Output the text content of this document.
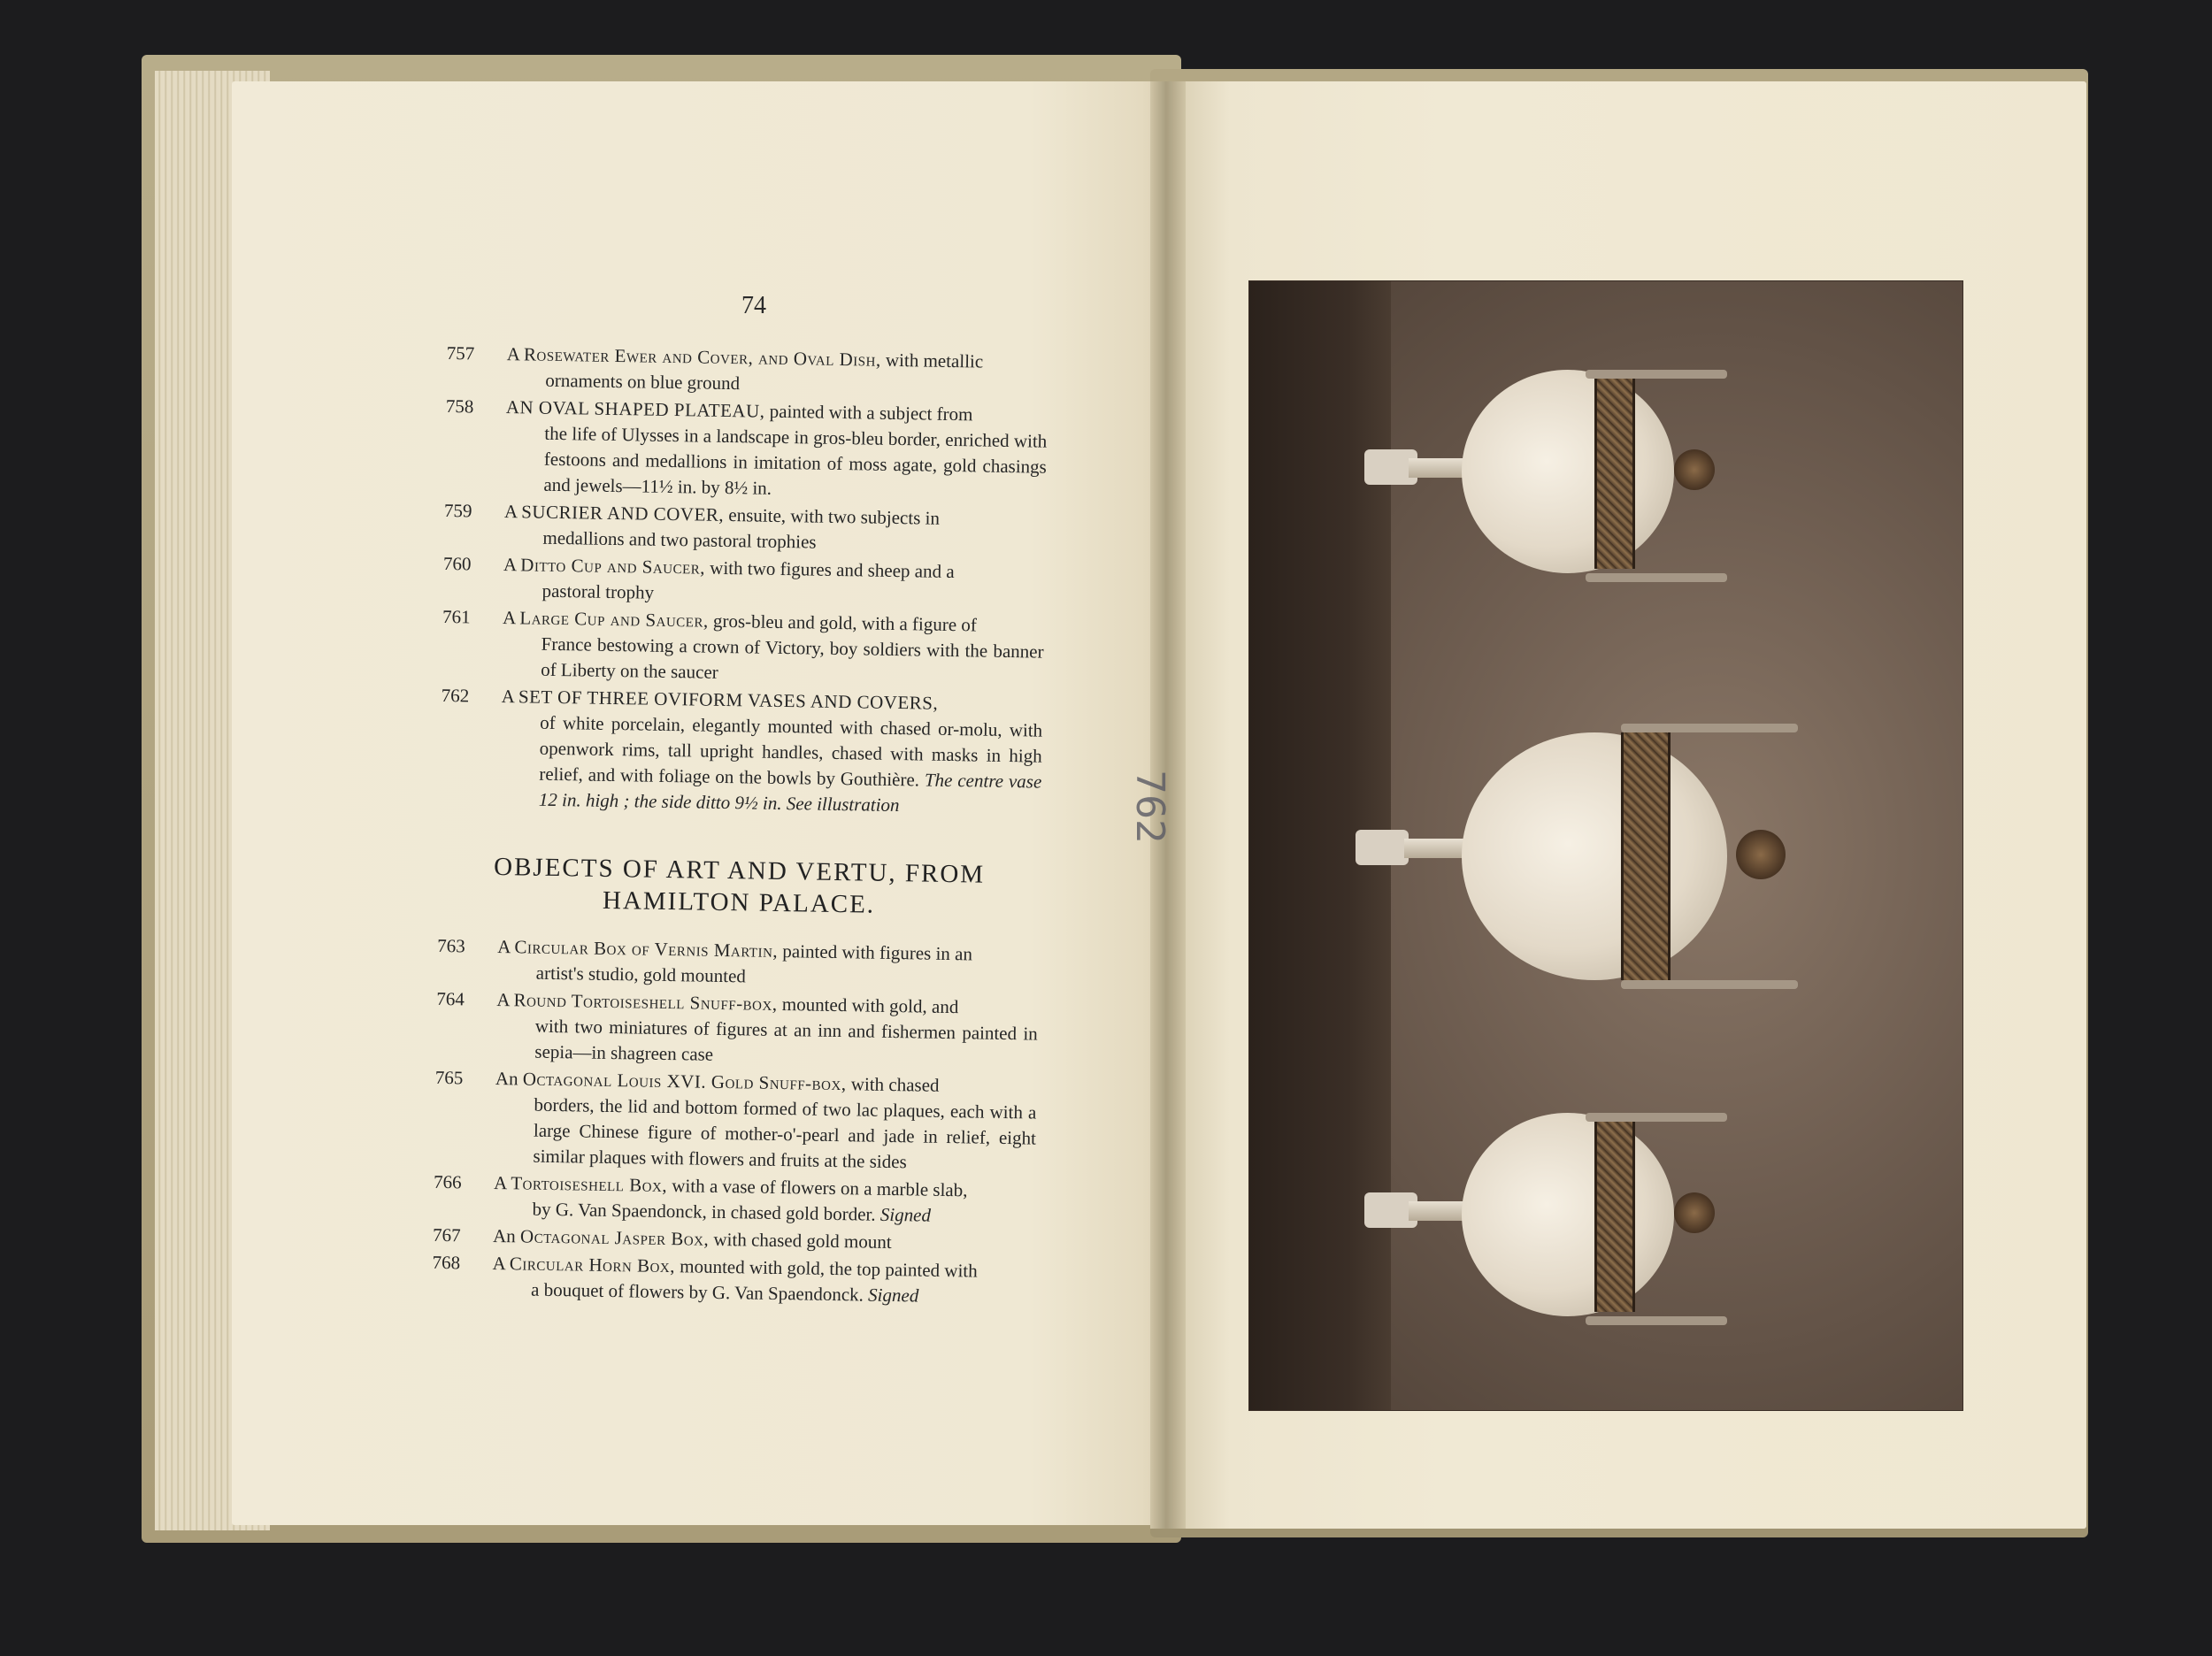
74
757	A Rosewater Ewer and Cover, and Oval Dish, with metallic
ornaments on blue ground
758	AN OVAL SHAPED PLATEAU, painted with a subject from
the life of Ulysses in a landscape in gros-bleu border, enriched with festoons and medallions in imitation of moss agate, gold chasings and jewels—11½ in. by 8½ in.
759	A SUCRIER AND COVER, ensuite, with two subjects in
medallions and two pastoral trophies
760	A Ditto Cup and Saucer, with two figures and sheep and a
pastoral trophy
761	A Large Cup and Saucer, gros-bleu and gold, with a figure of
France bestowing a crown of Victory, boy soldiers with the banner of Liberty on the saucer
762	A SET OF THREE OVIFORM VASES AND COVERS,
of white porcelain, elegantly mounted with chased or-molu, with openwork rims, tall upright handles, chased with masks in high relief, and with foliage on the bowls by Gouthière. The centre vase 12 in. high ; the side ditto 9½ in. See illustration
OBJECTS OF ART AND VERTU, FROM
HAMILTON PALACE.
763	A Circular Box of Vernis Martin, painted with figures in an
artist's studio, gold mounted
764	A Round Tortoiseshell Snuff-box, mounted with gold, and
with two miniatures of figures at an inn and fishermen painted in sepia—in shagreen case
765	An Octagonal Louis XVI. Gold Snuff-box, with chased
borders, the lid and bottom formed of two lac plaques, each with a large Chinese figure of mother-o'-pearl and jade in relief, eight similar plaques with flowers and fruits at the sides
766	A Tortoiseshell Box, with a vase of flowers on a marble slab,
by G. Van Spaendonck, in chased gold border. Signed
767	An Octagonal Jasper Box, with chased gold mount
768	A Circular Horn Box, mounted with gold, the top painted with
a bouquet of flowers by G. Van Spaendonck. Signed
762
